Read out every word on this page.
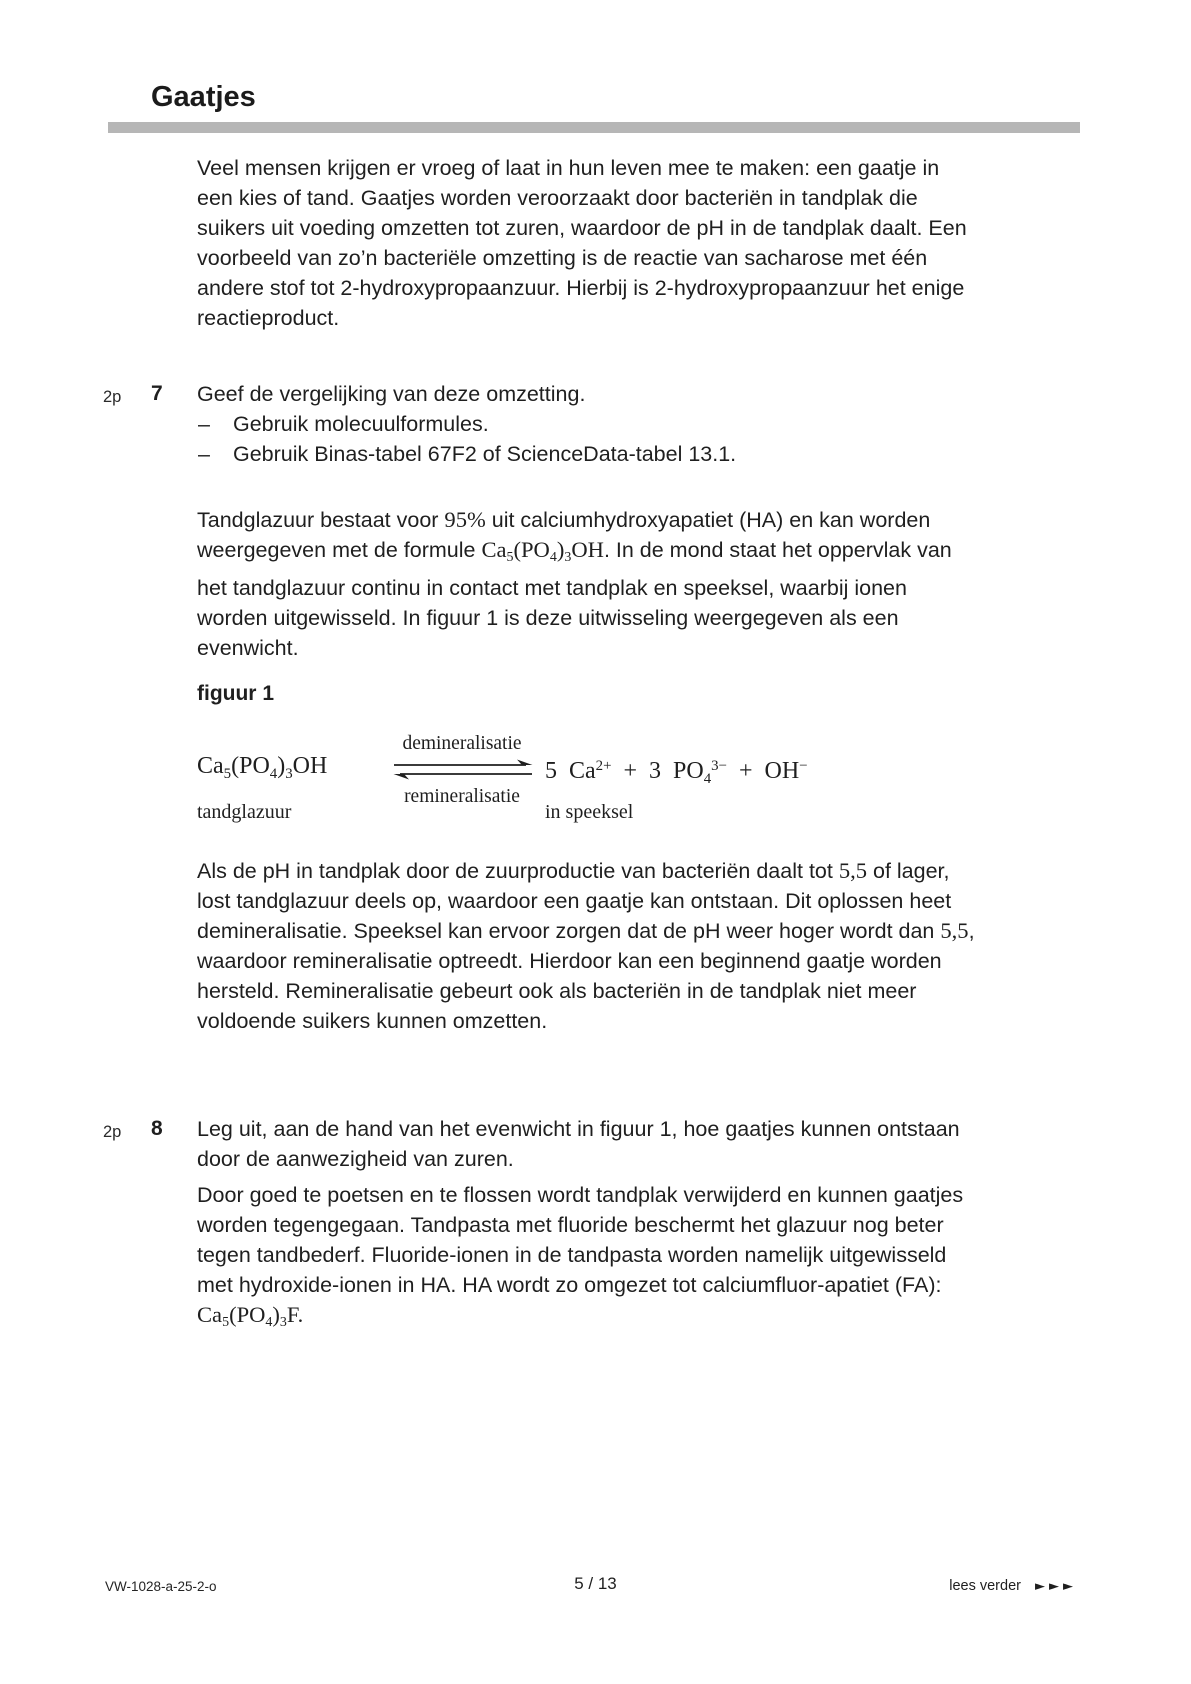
Gaatjes

Veel mensen krijgen er vroeg of laat in hun leven mee te maken: een gaatje in een kies of tand. Gaatjes worden veroorzaakt door bacteriën in tandplak die suikers uit voeding omzetten tot zuren, waardoor de pH in de tandplak daalt. Een voorbeeld van zo’n bacteriële omzetting is de reactie van sacharose met één andere stof tot 2-hydroxypropaanzuur. Hierbij is 2-hydroxypropaanzuur het enige reactieproduct.

2p 7 Geef de vergelijking van deze omzetting.

– Gebruik molecuulformules.
– Gebruik Binas-tabel 67F2 of ScienceData-tabel 13.1.

Tandglazuur bestaat voor 95% uit calciumhydroxyapatiet (HA) en kan worden weergegeven met de formule $Ca_5(PO_4)_3OH$. In de mond staat het oppervlak van het tandglazuur continu in contact met tandplak en speeksel, waarbij ionen worden uitgewisseld. In figuur 1 is deze uitwisseling weergegeven als een evenwicht.

figuur 1
demineralisatie
$Ca_5(PO_4)_3OH$	5 $Ca^{2+} + 3$ $PO_4^{3-} + OH^-$
remineralisatie
tandglazuur	in speeksel

Als de pH in tandplak door de zuurproductie van bacteriën daalt tot 5,5 of lager, lost tandglazuur deels op, waardoor een gaatje kan ontstaan. Dit oplossen heet demineralisatie. Speeksel kan ervoor zorgen dat de pH weer hoger wordt dan 5,5, waardoor remineralisatie optreedt. Hierdoor kan een beginnend gaatje worden hersteld. Remineralisatie gebeurt ook als bacteriën in de tandplak niet meer voldoende suikers kunnen omzetten.

2p 8 Leg uit, aan de hand van het evenwicht in figuur 1, hoe gaatjes kunnen ontstaan door de aanwezigheid van zuren.

Door goed te poetsen en te flossen wordt tandplak verwijderd en kunnen gaatjes worden tegengegaan. Tandpasta met fluoride beschermt het glazuur nog beter tegen tandbederf. Fluoride-ionen in de tandpasta worden namelijk uitgewisseld met hydroxide-ionen in HA. HA wordt zo omgezet tot calciumfluor-apatiet (FA): $Ca_5(PO_4)_3F$.

VW-1028-a-25-2-o	5 / 13	lees verder ►►►
